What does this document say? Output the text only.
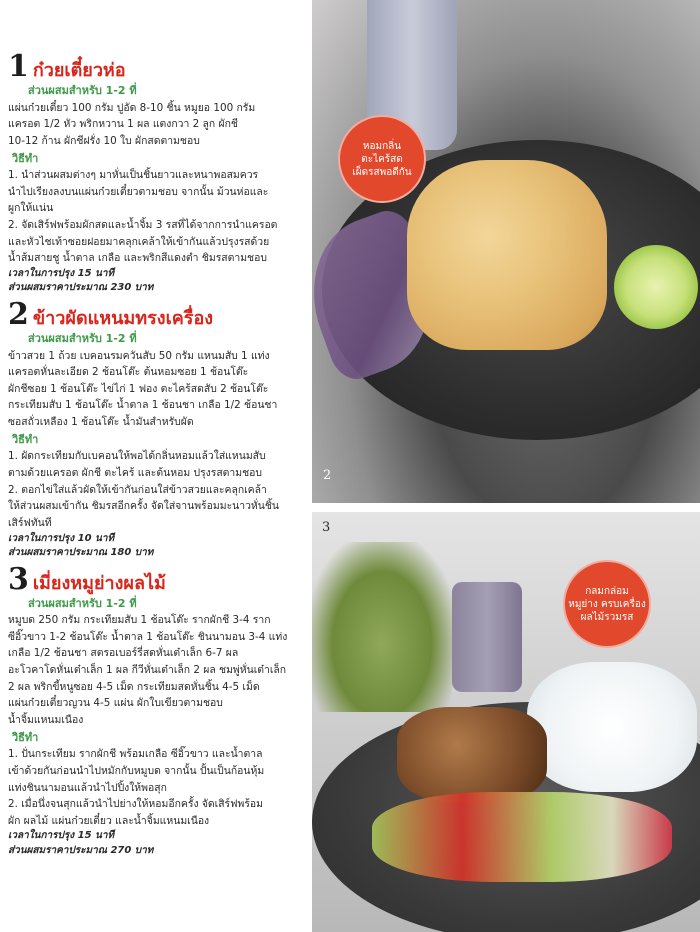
1 ก๋วยเตี๋ยวห่อ
ส่วนผสมสำหรับ 1-2 ที่

แผ่นก๋วยเตี๋ยว 100 กรัม ปูอัด 8-10 ชิ้น หมูยอ 100 กรัม

แครอต 1/2 หัว พริกหวาน 1 ผล แตงกวา 2 ลูก ผักชี

10-12 ก้าน ผักชีฝรั่ง 10 ใบ ผักสดตามชอบ

วิธีทำ

1. นำส่วนผสมต่างๆ มาหั่นเป็นชิ้นยาวและหนาพอสมควร

นำไปเรียงลงบนแผ่นก๋วยเตี๋ยวตามชอบ จากนั้น ม้วนห่อและ

ผูกให้แน่น

2. จัดเสิร์ฟพร้อมผักสดและน้ำจิ้ม 3 รสที่ได้จากการนำแครอต

และหัวไชเท้าซอยฝอยมาคลุกเคล้าให้เข้ากันแล้วปรุงรสด้วย

น้ำส้มสายชู น้ำตาล เกลือ และพริกสีแดงตำ ชิมรสตามชอบ

เวลาในการปรุง 15 นาที
ส่วนผสมราคาประมาณ 230 บาท
2 ข้าวผัดแหนมทรงเครื่อง
ส่วนผสมสำหรับ 1-2 ที่

ข้าวสวย 1 ถ้วย เบคอนรมควันสับ 50 กรัม แหนมสับ 1 แท่ง

แครอตหั่นละเอียด 2 ช้อนโต๊ะ ต้นหอมซอย 1 ช้อนโต๊ะ

ผักชีซอย 1 ช้อนโต๊ะ ไข่ไก่ 1 ฟอง ตะไคร้สดสับ 2 ช้อนโต๊ะ

กระเทียมสับ 1 ช้อนโต๊ะ น้ำตาล 1 ช้อนชา เกลือ 1/2 ช้อนชา

ซอสถั่วเหลือง 1 ช้อนโต๊ะ น้ำมันสำหรับผัด

วิธีทำ

1. ผัดกระเทียมกับเบคอนให้พอได้กลิ่นหอมแล้วใส่แหนมสับ

ตามด้วยแครอต ผักชี ตะไคร้ และต้นหอม ปรุงรสตามชอบ

2. ตอกไข่ใส่แล้วผัดให้เข้ากันก่อนใส่ข้าวสวยและคลุกเคล้า

ให้ส่วนผสมเข้ากัน ชิมรสอีกครั้ง จัดใส่จานพร้อมมะนาวหั่นชิ้น

เสิร์ฟทันที

เวลาในการปรุง 10 นาที
ส่วนผสมราคาประมาณ 180 บาท
3 เมี่ยงหมูย่างผลไม้
ส่วนผสมสำหรับ 1-2 ที่

หมูบด 250 กรัม กระเทียมสับ 1 ช้อนโต๊ะ รากผักชี 3-4 ราก

ซีอิ๊วขาว 1-2 ช้อนโต๊ะ น้ำตาล 1 ช้อนโต๊ะ ชินนามอน 3-4 แท่ง

เกลือ 1/2 ช้อนชา สตรอเบอร์รี่สดหั่นเต๋าเล็ก 6-7 ผล

อะโวคาโดหั่นเต๋าเล็ก 1 ผล กีวีหั่นเต๋าเล็ก 2 ผล ชมพู่หั่นเต๋าเล็ก

2 ผล พริกขี้หนูซอย 4-5 เม็ด กระเทียมสดหั่นชิ้น 4-5 เม็ด

แผ่นก๋วยเตี๋ยวญวน 4-5 แผ่น ผักใบเขียวตามชอบ

น้ำจิ้มแหนมเนือง

วิธีทำ

1. ปั่นกระเทียม รากผักชี พร้อมเกลือ ซีอิ๊วขาว และน้ำตาล

เข้าด้วยกันก่อนนำไปหมักกับหมูบด จากนั้น ปั้นเป็นก้อนหุ้ม

แท่งชินนามอนแล้วนำไปปิ้งให้พอสุก

2. เมื่อนึ่งจนสุกแล้วนำไปย่างให้หอมอีกครั้ง จัดเสิร์ฟพร้อม

ผัก ผลไม้ แผ่นก๋วยเตี๋ยว และน้ำจิ้มแหนมเนือง

เวลาในการปรุง 15 นาที
ส่วนผสมราคาประมาณ 270 บาท
หอมกลิ่น
ตะไคร้สด
เผ็ดรสพอดีกัน
2
กลมกล่อม
หมูย่าง ครบเครื่อง
ผลไม้รวมรส
3
